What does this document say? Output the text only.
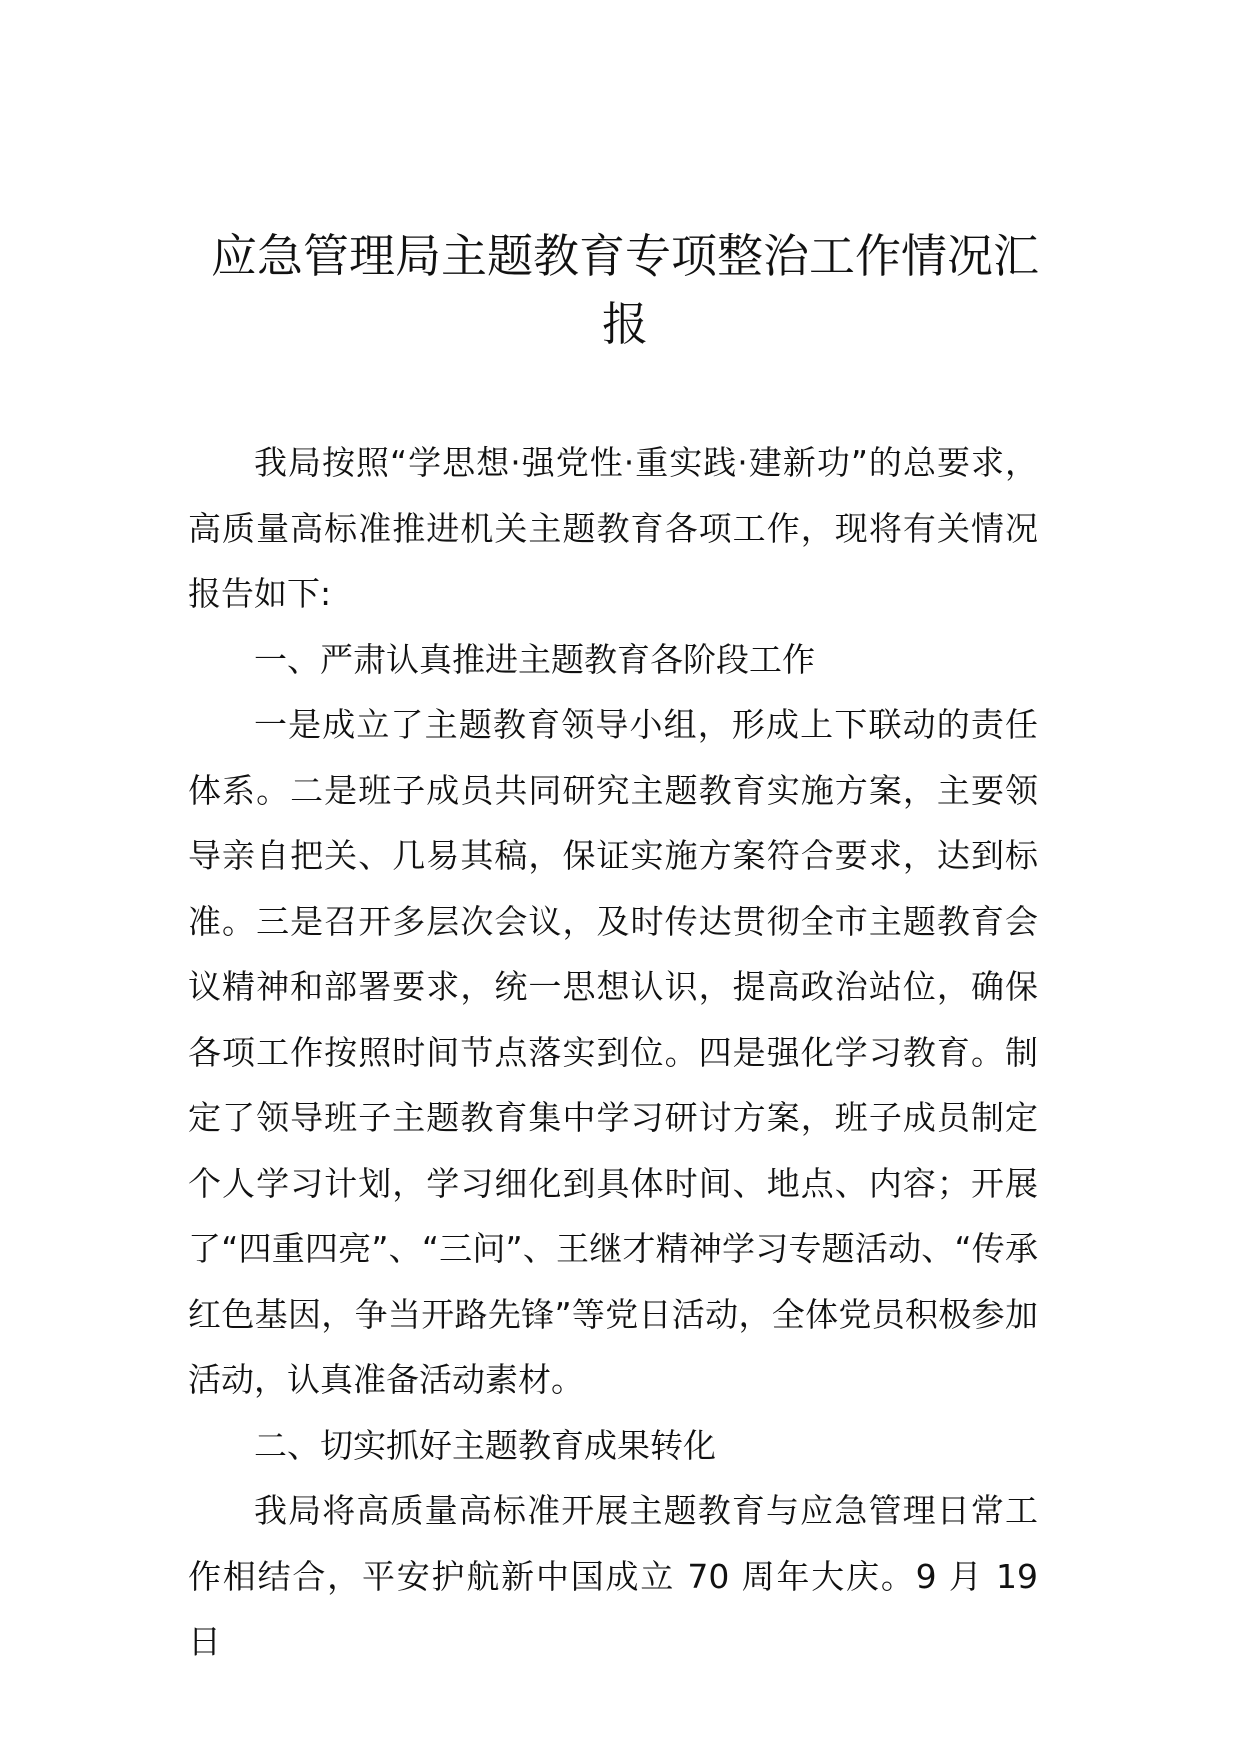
应急管理局主题教育专项整治工作情况汇报

我局按照“学思想·强党性·重实践·建新功”的总要求，高质量高标准推进机关主题教育各项工作，现将有关情况报告如下:

一、严肃认真推进主题教育各阶段工作

一是成立了主题教育领导小组，形成上下联动的责任体系。二是班子成员共同研究主题教育实施方案，主要领导亲自把关、几易其稿，保证实施方案符合要求，达到标准。三是召开多层次会议，及时传达贯彻全市主题教育会议精神和部署要求，统一思想认识，提高政治站位，确保各项工作按照时间节点落实到位。四是强化学习教育。制定了领导班子主题教育集中学习研讨方案，班子成员制定个人学习计划，学习细化到具体时间、地点、内容；开展了“四重四亮”、“三问”、王继才精神学习专题活动、“传承红色基因，争当开路先锋”等党日活动，全体党员积极参加活动，认真准备活动素材。

二、切实抓好主题教育成果转化

我局将高质量高标准开展主题教育与应急管理日常工作相结合，平安护航新中国成立 70 周年大庆。9 月 19 日
